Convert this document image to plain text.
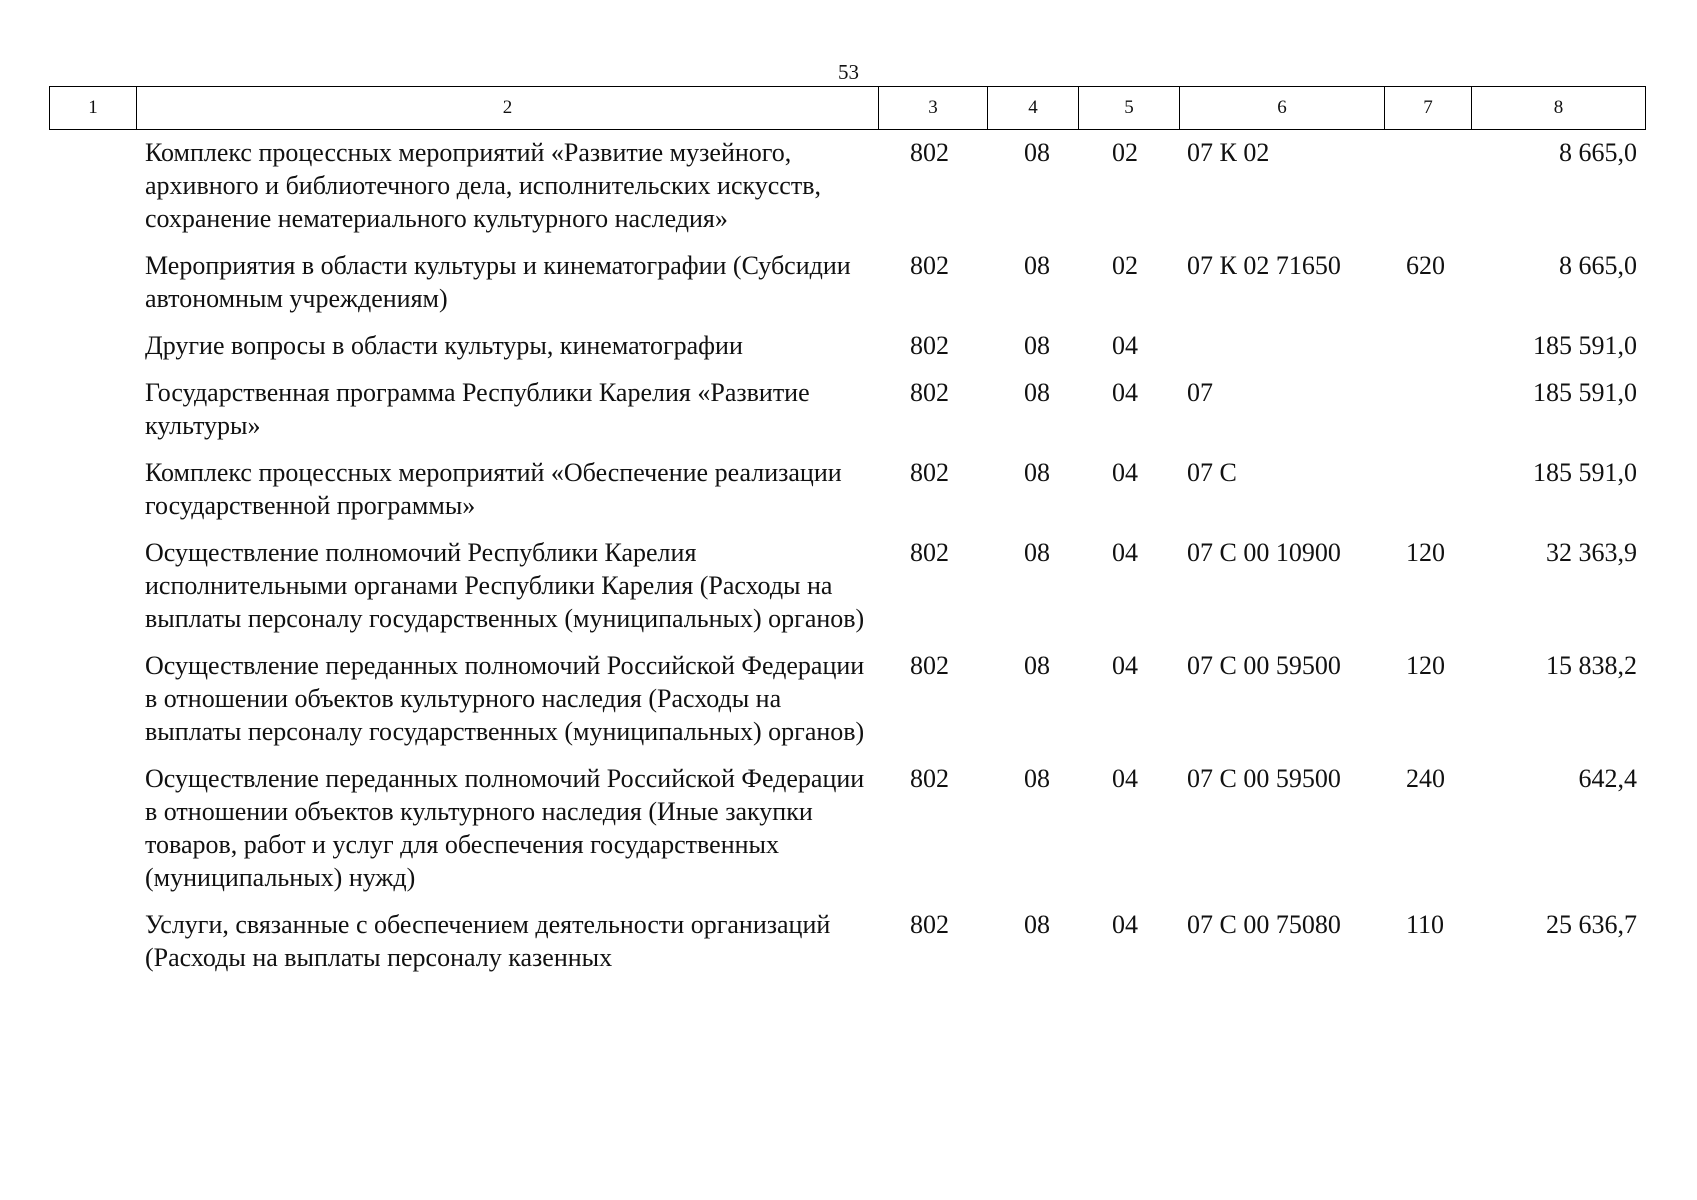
53
1	2	3	4	5	6	7	8
	Комплекс процессных мероприятий «Развитие музейного, архивного и библиотечного дела, исполнительских искусств, сохранение нематериального культурного наследия»	802	08	02	07 К 02		8 665,0
	Мероприятия в области культуры и кинематографии (Субсидии автономным учреждениям)	802	08	02	07 К 02 71650	620	8 665,0
	Другие вопросы в области культуры, кинематографии	802	08	04			185 591,0
	Государственная программа Республики Карелия «Развитие культуры»	802	08	04	07		185 591,0
	Комплекс процессных мероприятий «Обеспечение реализации государственной программы»	802	08	04	07 С		185 591,0
	Осуществление полномочий Республики Карелия исполнительными органами Республики Карелия (Расходы на выплаты персоналу государственных (муниципальных) органов)	802	08	04	07 С 00 10900	120	32 363,9
	Осуществление переданных полномочий Российской Федерации в отношении объектов культурного наследия (Расходы на выплаты персоналу государственных (муниципальных) органов)	802	08	04	07 С 00 59500	120	15 838,2
	Осуществление переданных полномочий Российской Федерации в отношении объектов культурного наследия (Иные закупки товаров, работ и услуг для обеспечения государственных (муниципальных) нужд)	802	08	04	07 С 00 59500	240	642,4
	Услуги, связанные с обеспечением деятельности организаций (Расходы на выплаты персоналу казенных	802	08	04	07 С 00 75080	110	25 636,7
